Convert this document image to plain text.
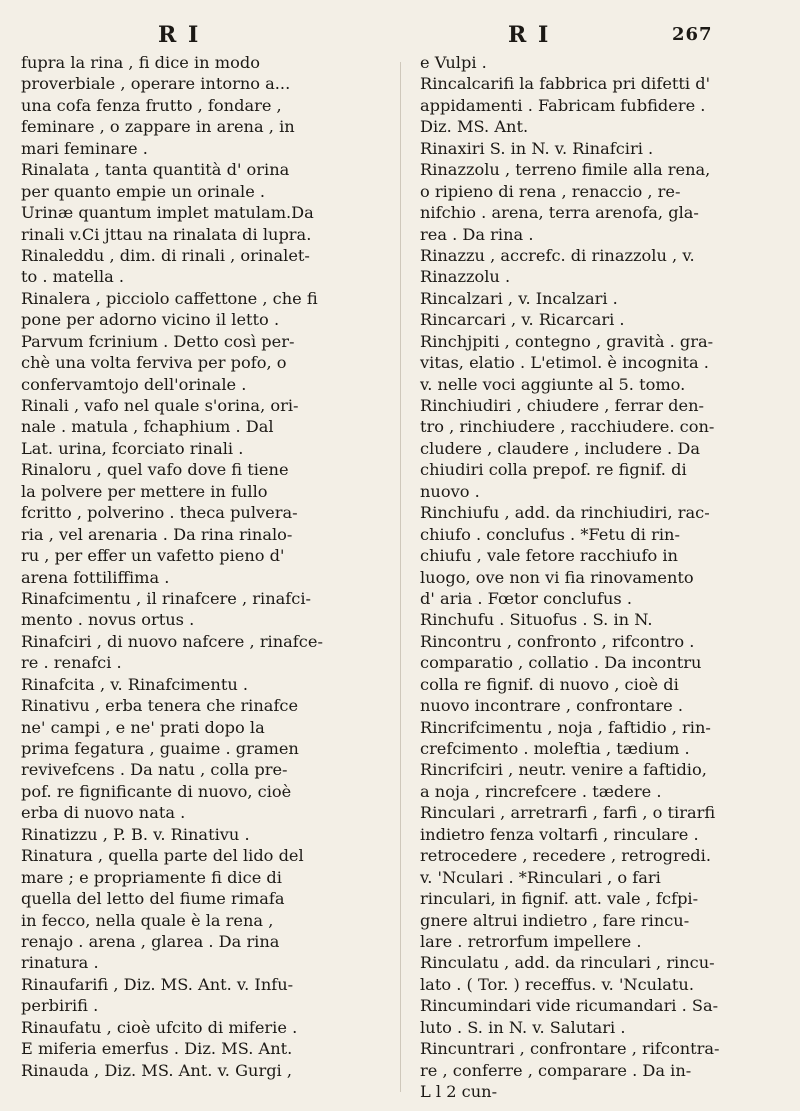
R I	R I	267
fupra la rina , fi dice in modo
proverbiale , operare intorno a...
una cofa fenza frutto , fondare ,
feminare , o zappare in arena , in
mari feminare .
Rinalata , tanta quantità d' orina
per quanto empie un orinale .
Urinæ quantum implet matulam.Da
rinali v.Ci jttau na rinalata di lupra.
Rinaleddu , dim. di rinali , orinalet-
to . matella .
Rinalera , picciolo caffettone , che fi
pone per adorno vicino il letto .
Parvum fcrinium . Detto così per-
chè una volta ferviva per pofo, o
confervamtojo dell'orinale .
Rinali , vafo nel quale s'orina, ori-
nale . matula , fchaphium . Dal
Lat. urina, fcorciato rinali .
Rinaloru , quel vafo dove fi tiene
la polvere per mettere in fullo
fcritto , polverino . theca pulvera-
ria , vel arenaria . Da rina rinalo-
ru , per effer un vafetto pieno d'
arena fottiliffima .
Rinafcimentu , il rinafcere , rinafci-
mento . novus ortus .
Rinafciri , di nuovo nafcere , rinafce-
re . renafci .
Rinafcita , v. Rinafcimentu .
Rinativu , erba tenera che rinafce
ne' campi , e ne' prati dopo la
prima fegatura , guaime . gramen
revivefcens . Da natu , colla pre-
pof. re fignificante di nuovo, cioè
erba di nuovo nata .
Rinatizzu , P. B. v. Rinativu .
Rinatura , quella parte del lido del
mare ; e propriamente fi dice di
quella del letto del fiume rimafa
in fecco, nella quale è la rena ,
renajo . arena , glarea . Da rina
rinatura .
Rinaufarifi , Diz. MS. Ant. v. Infu-
perbirifi .
Rinaufatu , cioè ufcito di miferie .
E miferia emerfus . Diz. MS. Ant.
Rinauda , Diz. MS. Ant. v. Gurgi ,
e Vulpi .
Rincalcarifi la fabbrica pri difetti d'
appidamenti . Fabricam fubfidere .
Diz. MS. Ant.
Rinaxiri S. in N. v. Rinafciri .
Rinazzolu , terreno fimile alla rena,
o ripieno di rena , renaccio , re-
nifchio . arena, terra arenofa, gla-
rea . Da rina .
Rinazzu , accrefc. di rinazzolu , v.
Rinazzolu .
Rincalzari , v. Incalzari .
Rincarcari , v. Ricarcari .
Rinchjpiti , contegno , gravità . gra-
vitas, elatio . L'etimol. è incognita .
v. nelle voci aggiunte al 5. tomo.
Rinchiudiri , chiudere , ferrar den-
tro , rinchiudere , racchiudere. con-
cludere , claudere , includere . Da
chiudiri colla prepof. re fignif. di
nuovo .
Rinchiufu , add. da rinchiudiri, rac-
chiufo . conclufus . *Fetu di rin-
chiufu , vale fetore racchiufo in
luogo, ove non vi fia rinovamento
d' aria . Fœtor conclufus .
Rinchufu . Situofus . S. in N.
Rincontru , confronto , rifcontro .
comparatio , collatio . Da incontru
colla re fignif. di nuovo , cioè di
nuovo incontrare , confrontare .
Rincrifcimentu , noja , faftidio , rin-
crefcimento . moleftia , tædium .
Rincrifciri , neutr. venire a faftidio,
a noja , rincrefcere . tædere .
Rinculari , arretrarfi , farfi , o tirarfi
indietro fenza voltarfi , rinculare .
retrocedere , recedere , retrogredi.
v. 'Nculari . *Rinculari , o fari
rinculari, in fignif. att. vale , fcfpi-
gnere altrui indietro , fare rincu-
lare . retrorfum impellere .
Rinculatu , add. da rinculari , rincu-
lato . ( Tor. ) receffus. v. 'Nculatu.
Rincumindari vide ricumandari . Sa-
luto . S. in N. v. Salutari .
Rincuntrari , confrontare , rifcontra-
re , conferre , comparare . Da in-
L l 2 cun-
